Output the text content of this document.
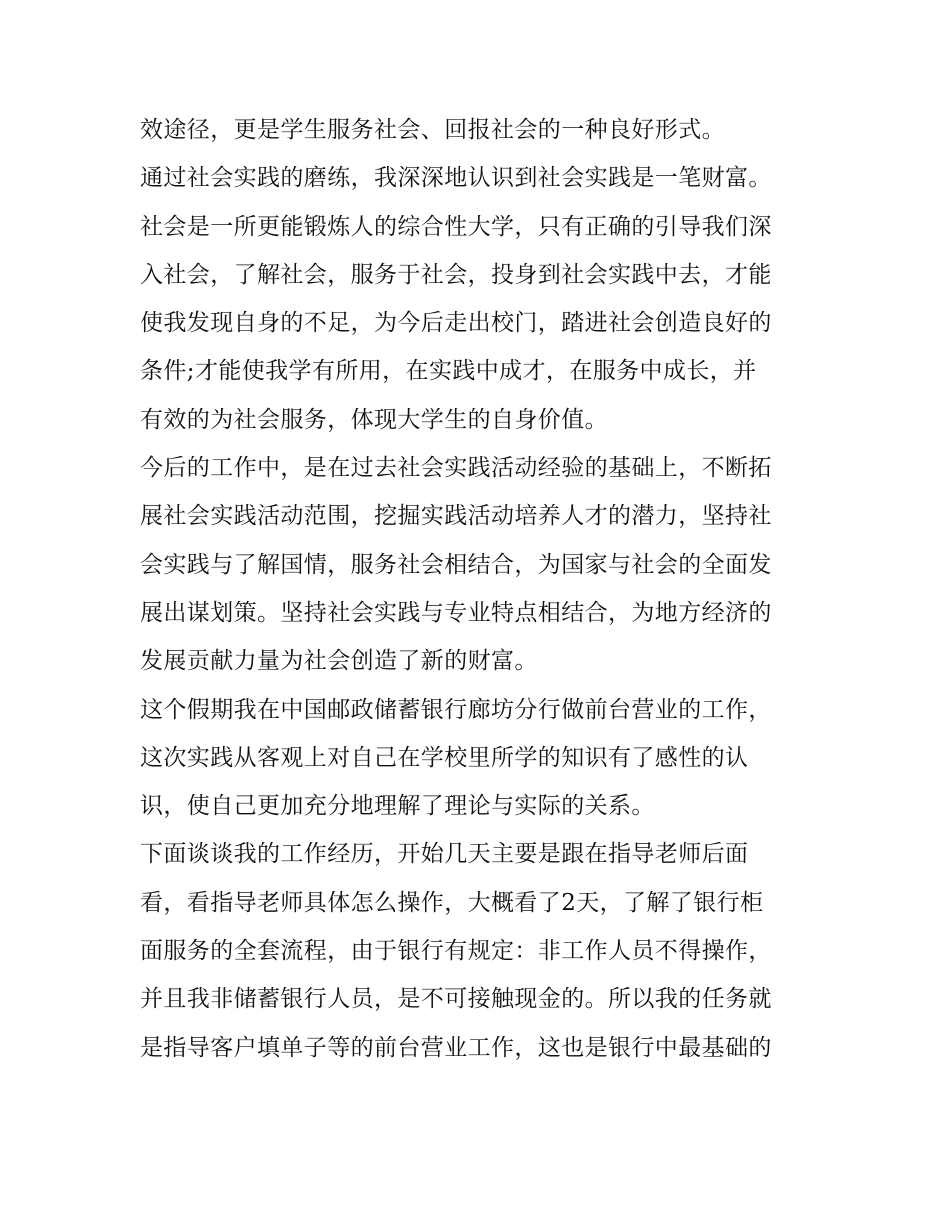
效途径，更是学生服务社会、回报社会的一种良好形式。
通过社会实践的磨练，我深深地认识到社会实践是一笔财富。
社会是一所更能锻炼人的综合性大学，只有正确的引导我们深
入社会，了解社会，服务于社会，投身到社会实践中去，才能
使我发现自身的不足，为今后走出校门，踏进社会创造良好的
条件;才能使我学有所用，在实践中成才，在服务中成长，并
有效的为社会服务，体现大学生的自身价值。
今后的工作中，是在过去社会实践活动经验的基础上，不断拓
展社会实践活动范围，挖掘实践活动培养人才的潜力，坚持社
会实践与了解国情，服务社会相结合，为国家与社会的全面发
展出谋划策。坚持社会实践与专业特点相结合，为地方经济的
发展贡献力量为社会创造了新的财富。
这个假期我在中国邮政储蓄银行廊坊分行做前台营业的工作，
这次实践从客观上对自己在学校里所学的知识有了感性的认
识，使自己更加充分地理解了理论与实际的关系。
下面谈谈我的工作经历，开始几天主要是跟在指导老师后面
看，看指导老师具体怎么操作，大概看了2天，了解了银行柜
面服务的全套流程，由于银行有规定：非工作人员不得操作，
并且我非储蓄银行人员，是不可接触现金的。所以我的任务就
是指导客户填单子等的前台营业工作，这也是银行中最基础的
